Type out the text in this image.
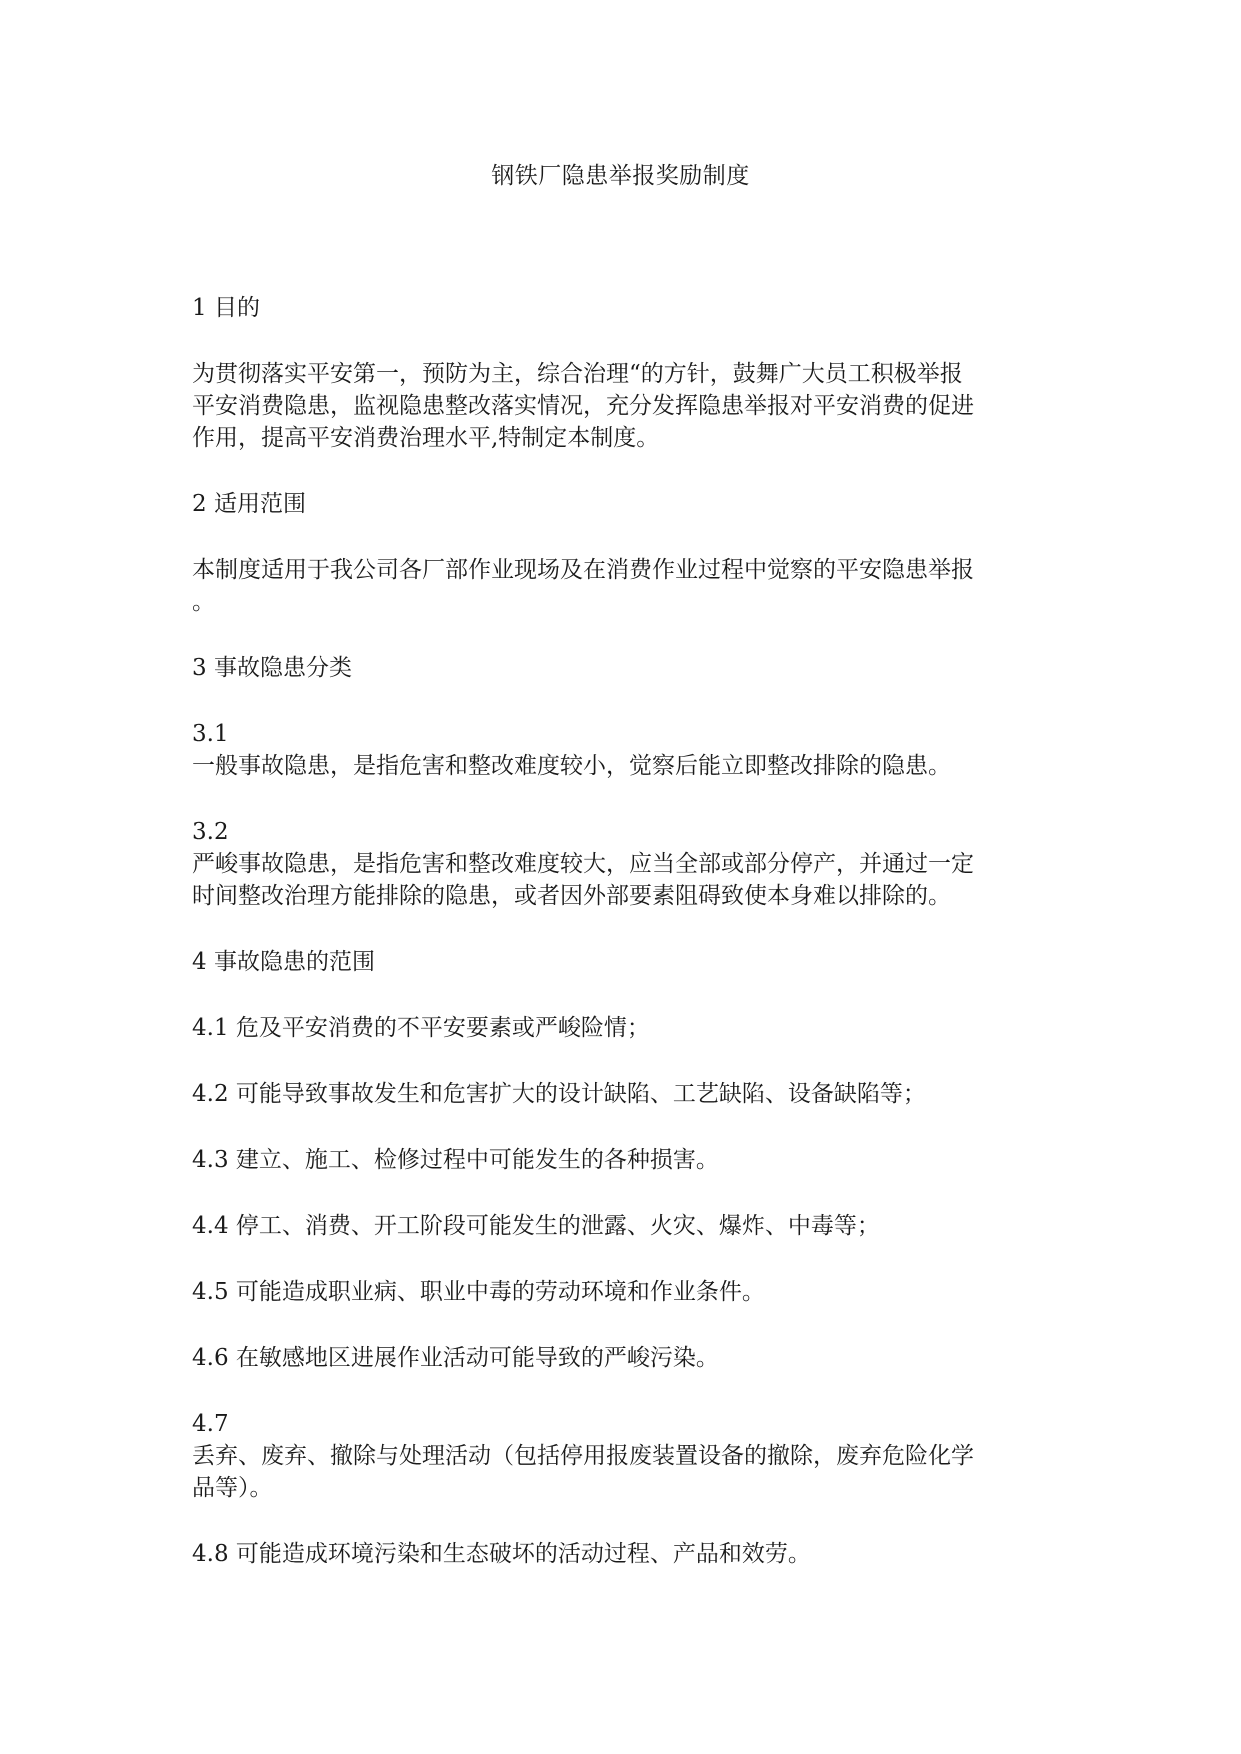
钢铁厂隐患举报奖励制度

1 目的

为贯彻落实平安第一，预防为主，综合治理“的方针，鼓舞广大员工积极举报
平安消费隐患，监视隐患整改落实情况，充分发挥隐患举报对平安消费的促进
作用，提高平安消费治理水平,特制定本制度。

2 适用范围

本制度适用于我公司各厂部作业现场及在消费作业过程中觉察的平安隐患举报
。

3 事故隐患分类

3.1
一般事故隐患，是指危害和整改难度较小，觉察后能立即整改排除的隐患。

3.2
严峻事故隐患，是指危害和整改难度较大，应当全部或部分停产，并通过一定
时间整改治理方能排除的隐患，或者因外部要素阻碍致使本身难以排除的。

4 事故隐患的范围

4.1 危及平安消费的不平安要素或严峻险情；

4.2 可能导致事故发生和危害扩大的设计缺陷、工艺缺陷、设备缺陷等；

4.3 建立、施工、检修过程中可能发生的各种损害。

4.4 停工、消费、开工阶段可能发生的泄露、火灾、爆炸、中毒等；

4.5 可能造成职业病、职业中毒的劳动环境和作业条件。

4.6 在敏感地区进展作业活动可能导致的严峻污染。

4.7
丢弃、废弃、撤除与处理活动（包括停用报废装置设备的撤除，废弃危险化学
品等）。

4.8 可能造成环境污染和生态破坏的活动过程、产品和效劳。
